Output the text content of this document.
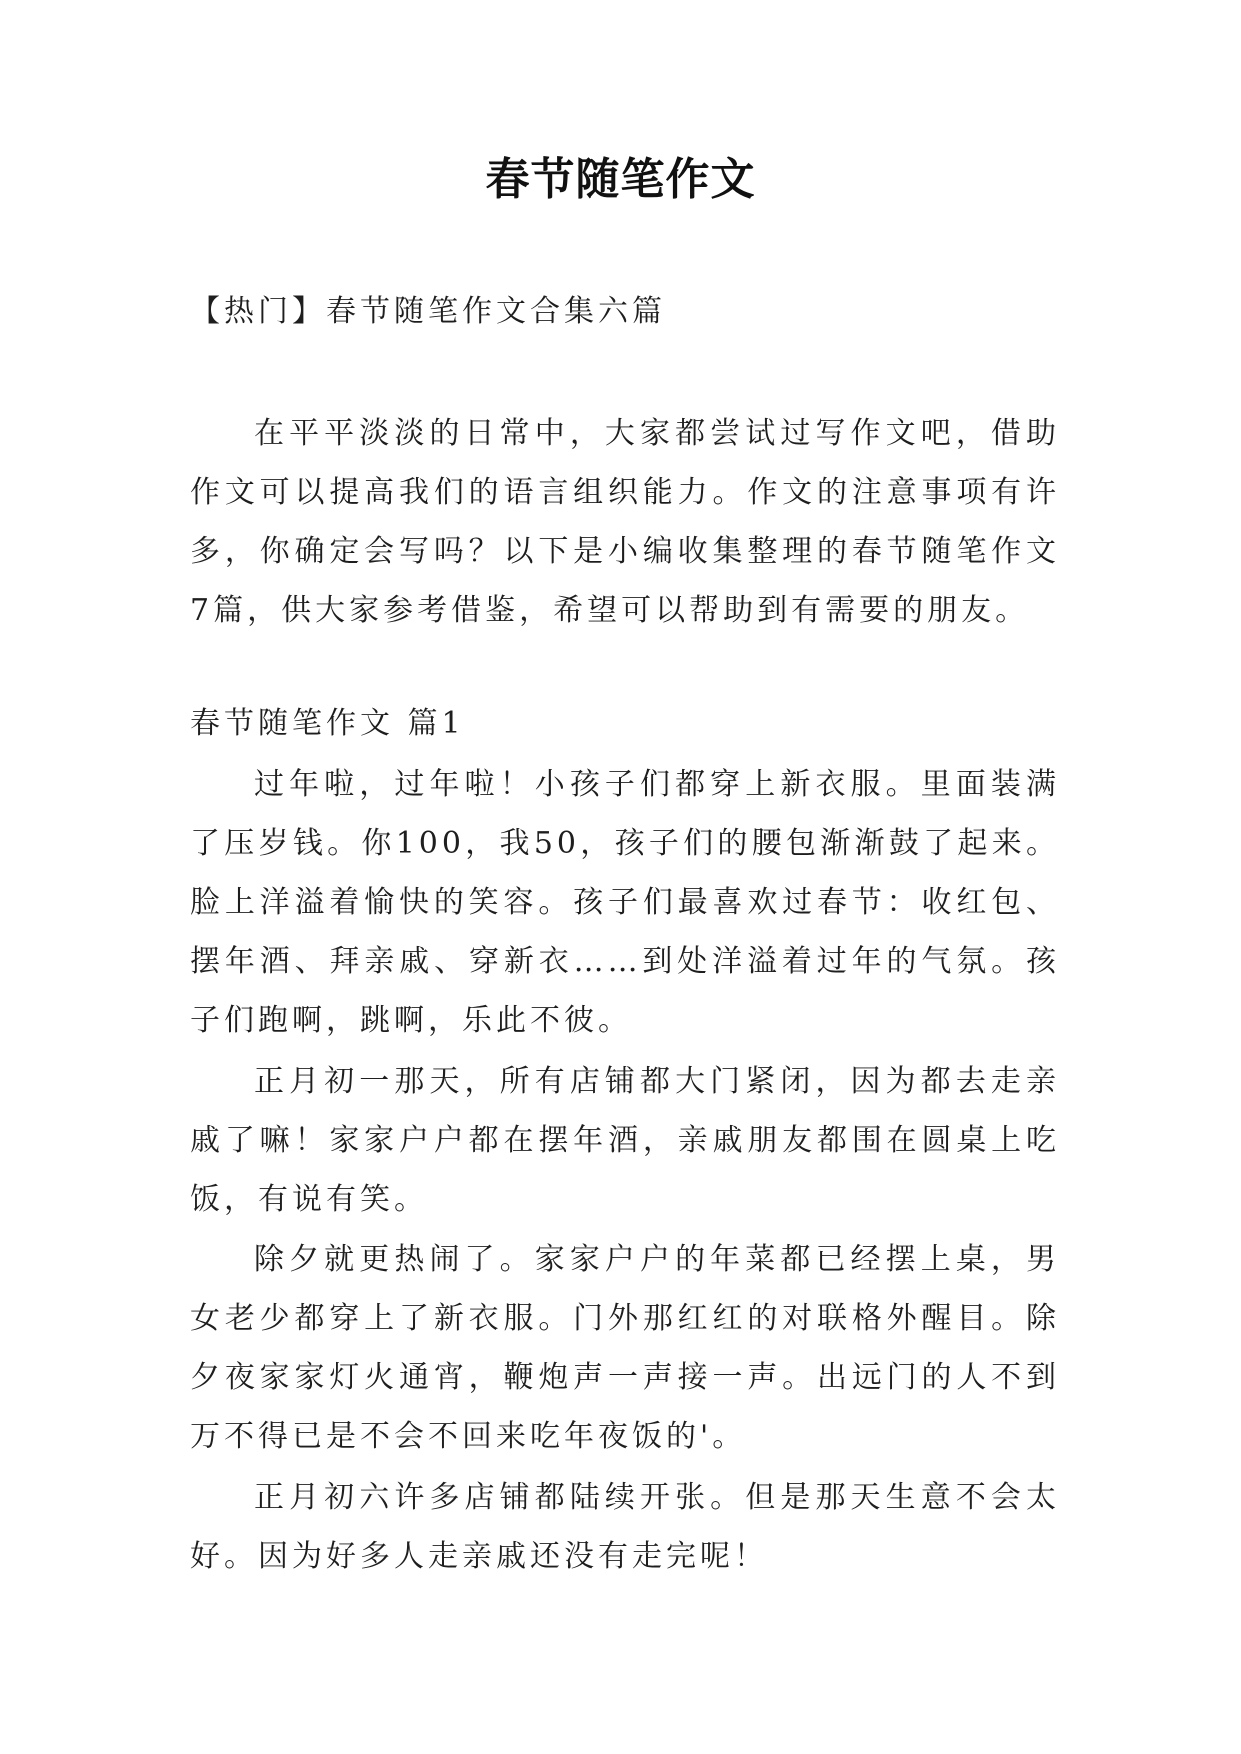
春节随笔作文
【热门】春节随笔作文合集六篇
在平平淡淡的日常中，大家都尝试过写作文吧，借助作文可以提高我们的语言组织能力。作文的注意事项有许多，你确定会写吗？以下是小编收集整理的春节随笔作文7篇，供大家参考借鉴，希望可以帮助到有需要的朋友。
春节随笔作文 篇1
过年啦，过年啦！小孩子们都穿上新衣服。里面装满了压岁钱。你100，我50，孩子们的腰包渐渐鼓了起来。脸上洋溢着愉快的笑容。孩子们最喜欢过春节：收红包、摆年酒、拜亲戚、穿新衣……到处洋溢着过年的气氛。孩子们跑啊，跳啊，乐此不彼。
正月初一那天，所有店铺都大门紧闭，因为都去走亲戚了嘛！家家户户都在摆年酒，亲戚朋友都围在圆桌上吃饭，有说有笑。
除夕就更热闹了。家家户户的年菜都已经摆上桌，男女老少都穿上了新衣服。门外那红红的对联格外醒目。除夕夜家家灯火通宵，鞭炮声一声接一声。出远门的人不到万不得已是不会不回来吃年夜饭的'。
正月初六许多店铺都陆续开张。但是那天生意不会太好。因为好多人走亲戚还没有走完呢！
